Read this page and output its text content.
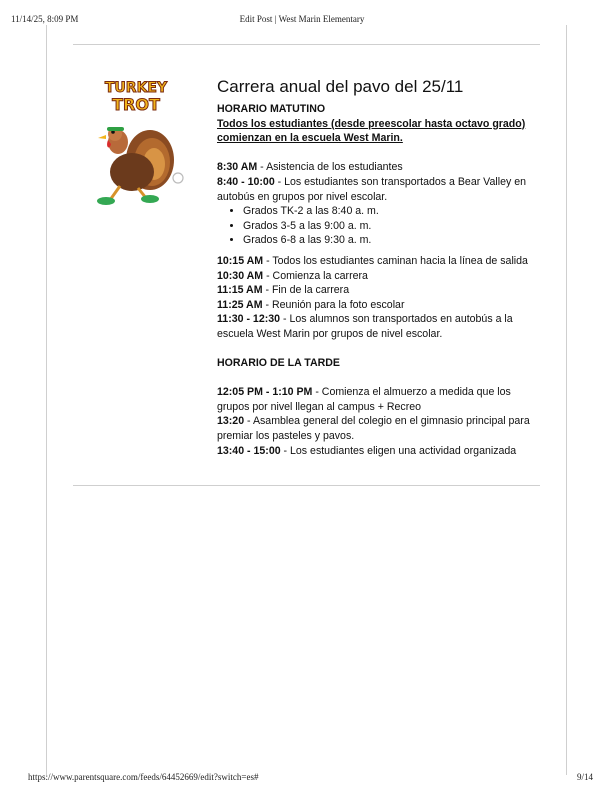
11/14/25, 8:09 PM	Edit Post | West Marin Elementary
TURKEY
TROT
Carrera anual del pavo del 25/11

HORARIO MATUTINO

Todos los estudiantes (desde preescolar hasta octavo grado)

comienzan en la escuela West Marin.

8:30 AM - Asistencia de los estudiantes

8:40 - 10:00 - Los estudiantes son transportados a Bear Valley en autobús en grupos por nivel escolar.

• Grados TK-2 a las 8:40 a. m.
• Grados 3-5 a las 9:00 a. m.
• Grados 6-8 a las 9:30 a. m.

10:15 AM - Todos los estudiantes caminan hacia la línea de salida

10:30 AM - Comienza la carrera

11:15 AM - Fin de la carrera

11:25 AM - Reunión para la foto escolar

11:30 - 12:30 - Los alumnos son transportados en autobús a la escuela West Marin por grupos de nivel escolar.

HORARIO DE LA TARDE

12:05 PM - 1:10 PM - Comienza el almuerzo a medida que los grupos por nivel llegan al campus + Recreo

13:20 - Asamblea general del colegio en el gimnasio principal para premiar los pasteles y pavos.

13:40 - 15:00 - Los estudiantes eligen una actividad organizada

https://www.parentsquare.com/feeds/64452669/edit?switch=es#	9/14
